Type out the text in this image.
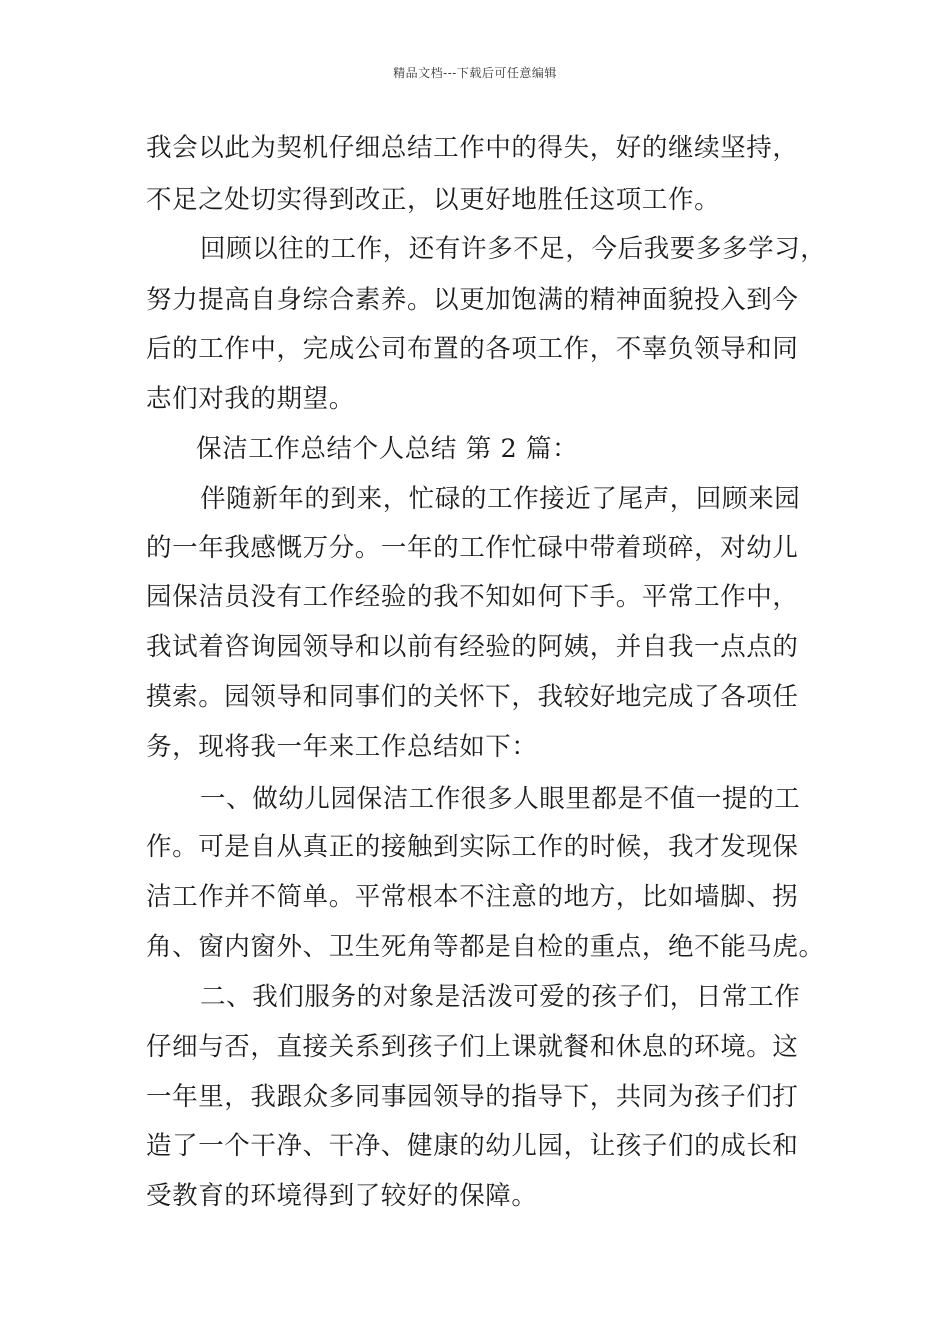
精品文档---下载后可任意编辑
我会以此为契机仔细总结工作中的得失，好的继续坚持，
不足之处切实得到改正，以更好地胜任这项工作。
回顾以往的工作，还有许多不足，今后我要多多学习，
努力提高自身综合素养。以更加饱满的精神面貌投入到今
后的工作中，完成公司布置的各项工作，不辜负领导和同
志们对我的期望。
保洁工作总结个人总结 第 2 篇：
伴随新年的到来，忙碌的工作接近了尾声，回顾来园
的一年我感慨万分。一年的工作忙碌中带着琐碎，对幼儿
园保洁员没有工作经验的我不知如何下手。平常工作中，
我试着咨询园领导和以前有经验的阿姨，并自我一点点的
摸索。园领导和同事们的关怀下，我较好地完成了各项任
务，现将我一年来工作总结如下：
一、做幼儿园保洁工作很多人眼里都是不值一提的工
作。可是自从真正的接触到实际工作的时候，我才发现保
洁工作并不简单。平常根本不注意的地方，比如墙脚、拐
角、窗内窗外、卫生死角等都是自检的重点，绝不能马虎。
二、我们服务的对象是活泼可爱的孩子们，日常工作
仔细与否，直接关系到孩子们上课就餐和休息的环境。这
一年里，我跟众多同事园领导的指导下，共同为孩子们打
造了一个干净、干净、健康的幼儿园，让孩子们的成长和
受教育的环境得到了较好的保障。
